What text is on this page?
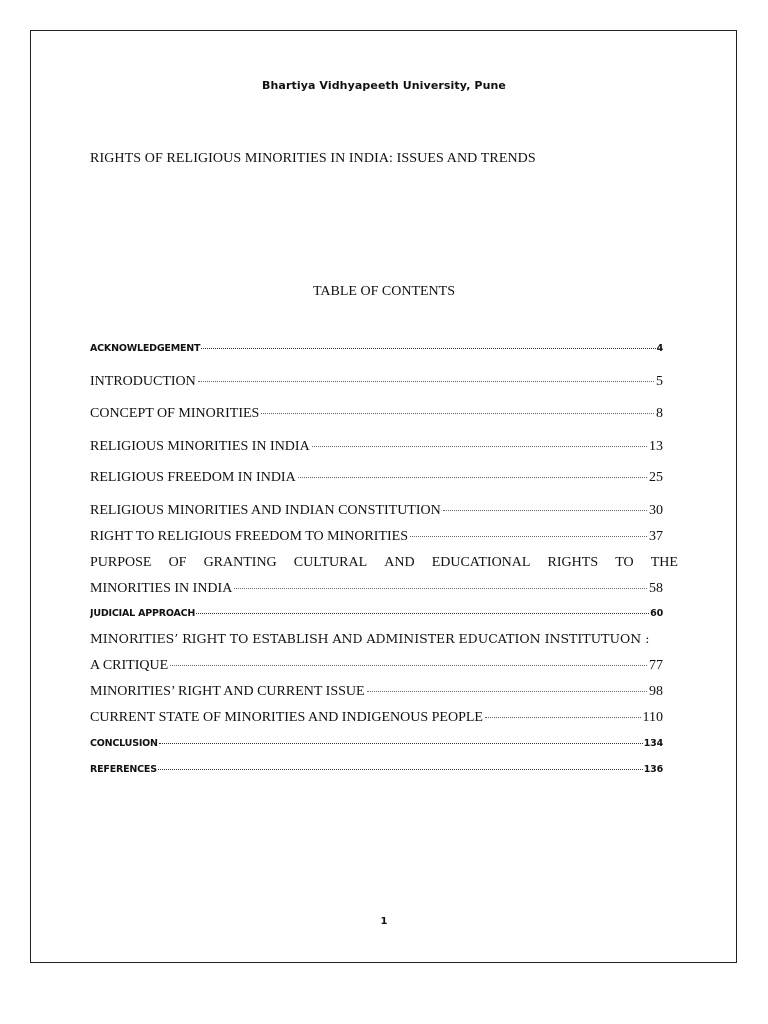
Bhartiya Vidhyapeeth University, Pune
RIGHTS OF RELIGIOUS MINORITIES IN INDIA: ISSUES AND TRENDS
TABLE OF CONTENTS
ACKNOWLEDGEMENT	4
INTRODUCTION	5
CONCEPT OF MINORITIES	8
RELIGIOUS MINORITIES IN INDIA	13
RELIGIOUS FREEDOM IN INDIA	25
RELIGIOUS MINORITIES AND INDIAN CONSTITUTION	30
RIGHT TO RELIGIOUS FREEDOM TO MINORITIES	37
PURPOSE OF GRANTING CULTURAL AND EDUCATIONAL RIGHTS TO THE
MINORITIES IN INDIA	58
JUDICIAL APPROACH	60
MINORITIES’ RIGHT TO ESTABLISH AND ADMINISTER EDUCATION INSTITUTUON :
A CRITIQUE	77
MINORITIES’ RIGHT AND CURRENT ISSUE	98
CURRENT STATE OF MINORITIES AND INDIGENOUS PEOPLE	110
CONCLUSION	134
REFERENCES	136
1
